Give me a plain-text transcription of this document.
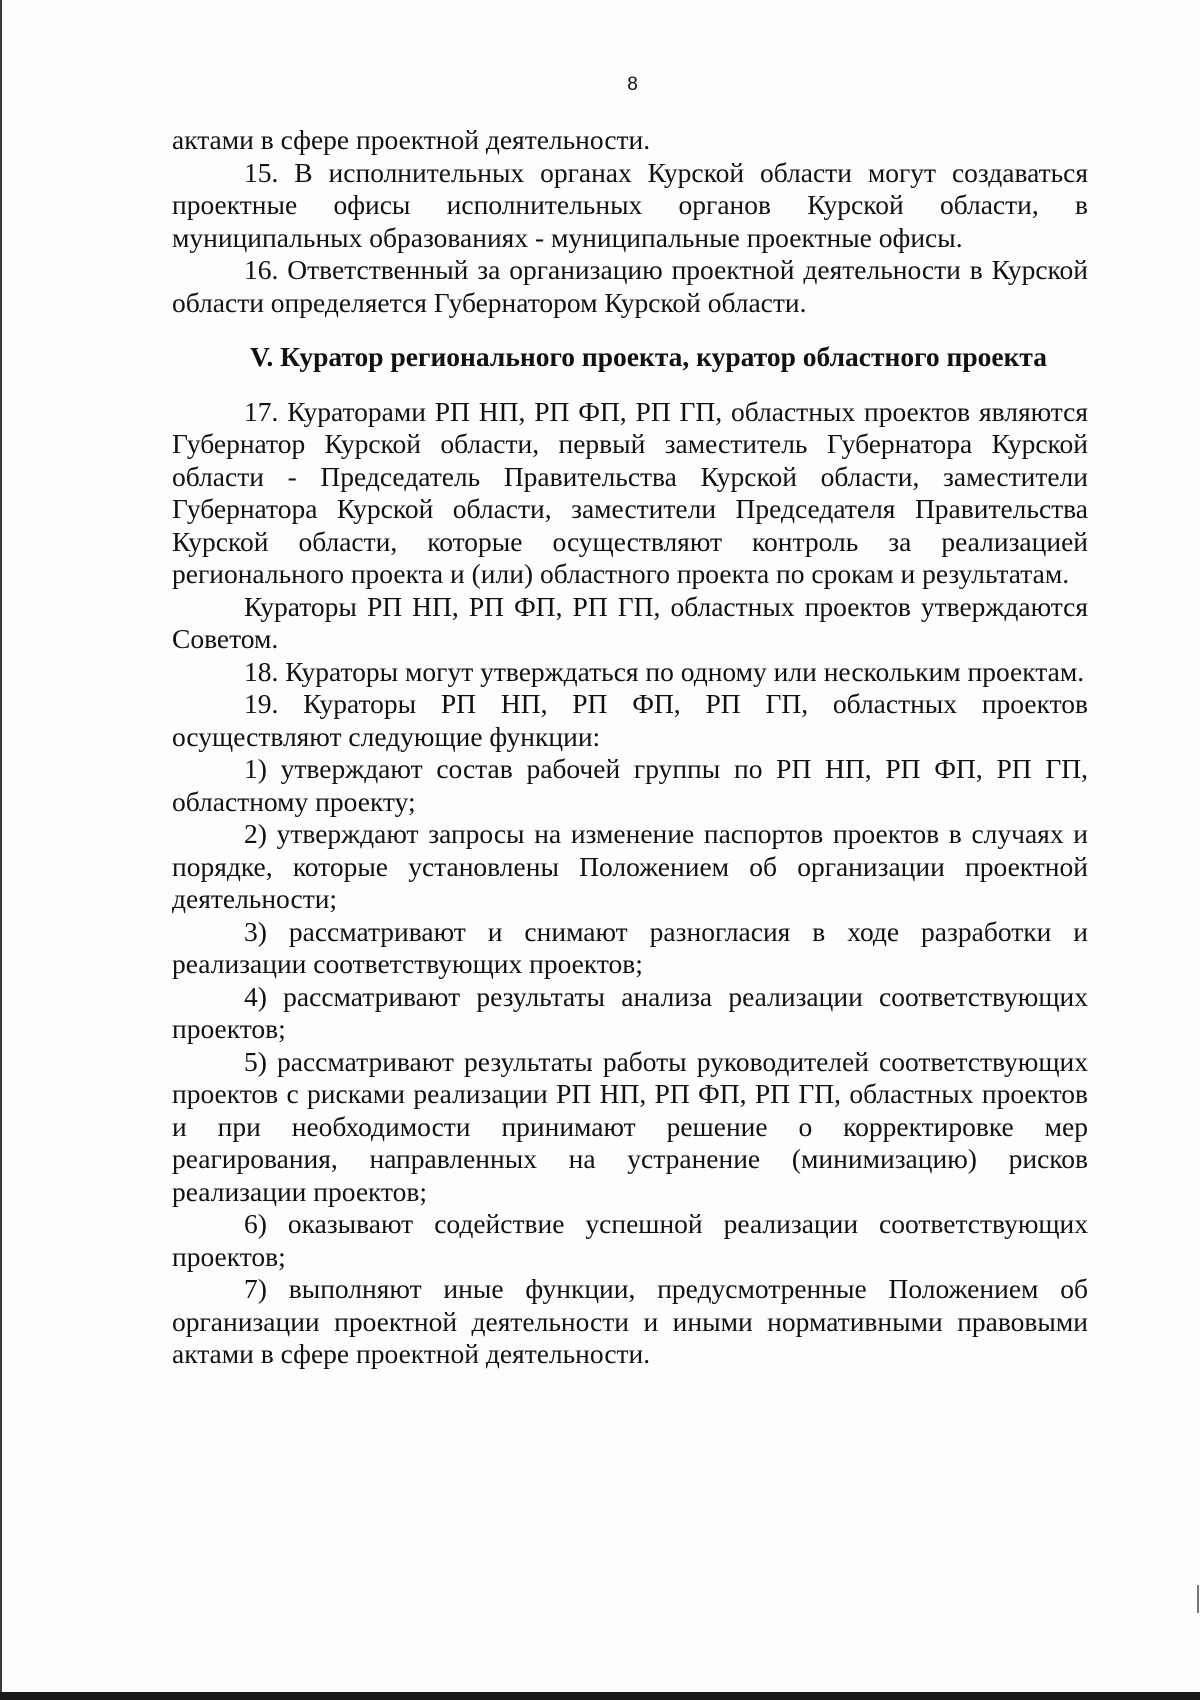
8

актами в сфере проектной деятельности.

15. В исполнительных органах Курской области могут создаваться проектные офисы исполнительных органов Курской области, в муниципальных образованиях - муниципальные проектные офисы.

16. Ответственный за организацию проектной деятельности в Курской области определяется Губернатором Курской области.

V. Куратор регионального проекта, куратор областного проекта

17. Кураторами РП НП, РП ФП, РП ГП, областных проектов являются Губернатор Курской области, первый заместитель Губернатора Курской области - Председатель Правительства Курской области, заместители Губернатора Курской области, заместители Председателя Правительства Курской области, которые осуществляют контроль за реализацией регионального проекта и (или) областного проекта по срокам и результатам.

Кураторы РП НП, РП ФП, РП ГП, областных проектов утверждаются Советом.

18. Кураторы могут утверждаться по одному или нескольким проектам.

19. Кураторы РП НП, РП ФП, РП ГП, областных проектов осуществляют следующие функции:

1) утверждают состав рабочей группы по РП НП, РП ФП, РП ГП, областному проекту;

2) утверждают запросы на изменение паспортов проектов в случаях и порядке, которые установлены Положением об организации проектной деятельности;

3) рассматривают и снимают разногласия в ходе разработки и реализации соответствующих проектов;

4) рассматривают результаты анализа реализации соответствующих проектов;

5) рассматривают результаты работы руководителей соответствующих проектов с рисками реализации РП НП, РП ФП, РП ГП, областных проектов и при необходимости принимают решение о корректировке мер реагирования, направленных на устранение (минимизацию) рисков реализации проектов;

6) оказывают содействие успешной реализации соответствующих проектов;

7) выполняют иные функции, предусмотренные Положением об организации проектной деятельности и иными нормативными правовыми актами в сфере проектной деятельности.
